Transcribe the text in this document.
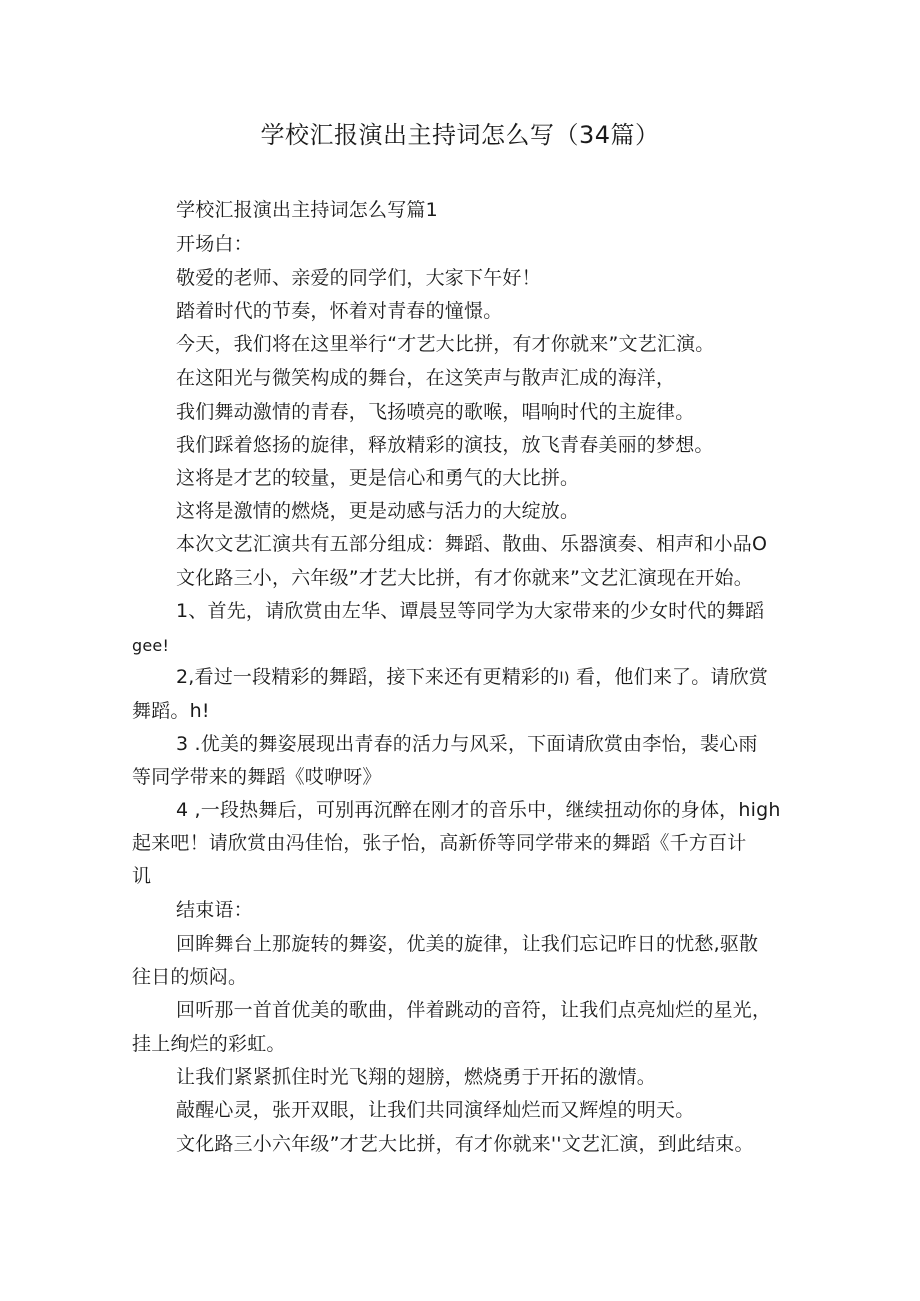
学校汇报演出主持词怎么写（34篇）
学校汇报演出主持词怎么写篇1
开场白：
敬爱的老师、亲爱的同学们，大家下午好！
踏着时代的节奏，怀着对青春的憧憬。
今天，我们将在这里举行“才艺大比拼，有才你就来”文艺汇演。
在这阳光与微笑构成的舞台，在这笑声与散声汇成的海洋，
我们舞动激情的青春，飞扬喷亮的歌喉，唱响时代的主旋律。
我们踩着悠扬的旋律，释放精彩的演技，放飞青春美丽的梦想。
这将是才艺的较量，更是信心和勇气的大比拼。
这将是激情的燃烧，更是动感与活力的大绽放。
本次文艺汇演共有五部分组成：舞蹈、散曲、乐器演奏、相声和小品O
文化路三小，六年级”才艺大比拼，有才你就来”文艺汇演现在开始。
1、首先，请欣赏由左华、谭晨昱等同学为大家带来的少女时代的舞蹈
gee!
2,看过一段精彩的舞蹈，接下来还有更精彩的l) 看，他们来了。请欣赏
舞蹈。h!
3 .优美的舞姿展现出青春的活力与风采，下面请欣赏由李怡，裴心雨
等同学带来的舞蹈《哎咿呀》
4 ,一段热舞后，可别再沉醉在刚才的音乐中，继续扭动你的身体，high
起来吧！请欣赏由冯佳怡，张子怡，高新侨等同学带来的舞蹈《千方百计
讥
结束语：
回眸舞台上那旋转的舞姿，优美的旋律，让我们忘记昨日的忧愁,驱散
往日的烦闷。
回听那一首首优美的歌曲，伴着跳动的音符，让我们点亮灿烂的星光，
挂上绚烂的彩虹。
让我们紧紧抓住时光飞翔的翅膀，燃烧勇于开拓的激情。
敲醒心灵，张开双眼，让我们共同演绎灿烂而又辉煌的明天。
文化路三小六年级”才艺大比拼，有才你就来''文艺汇演，到此结束。
